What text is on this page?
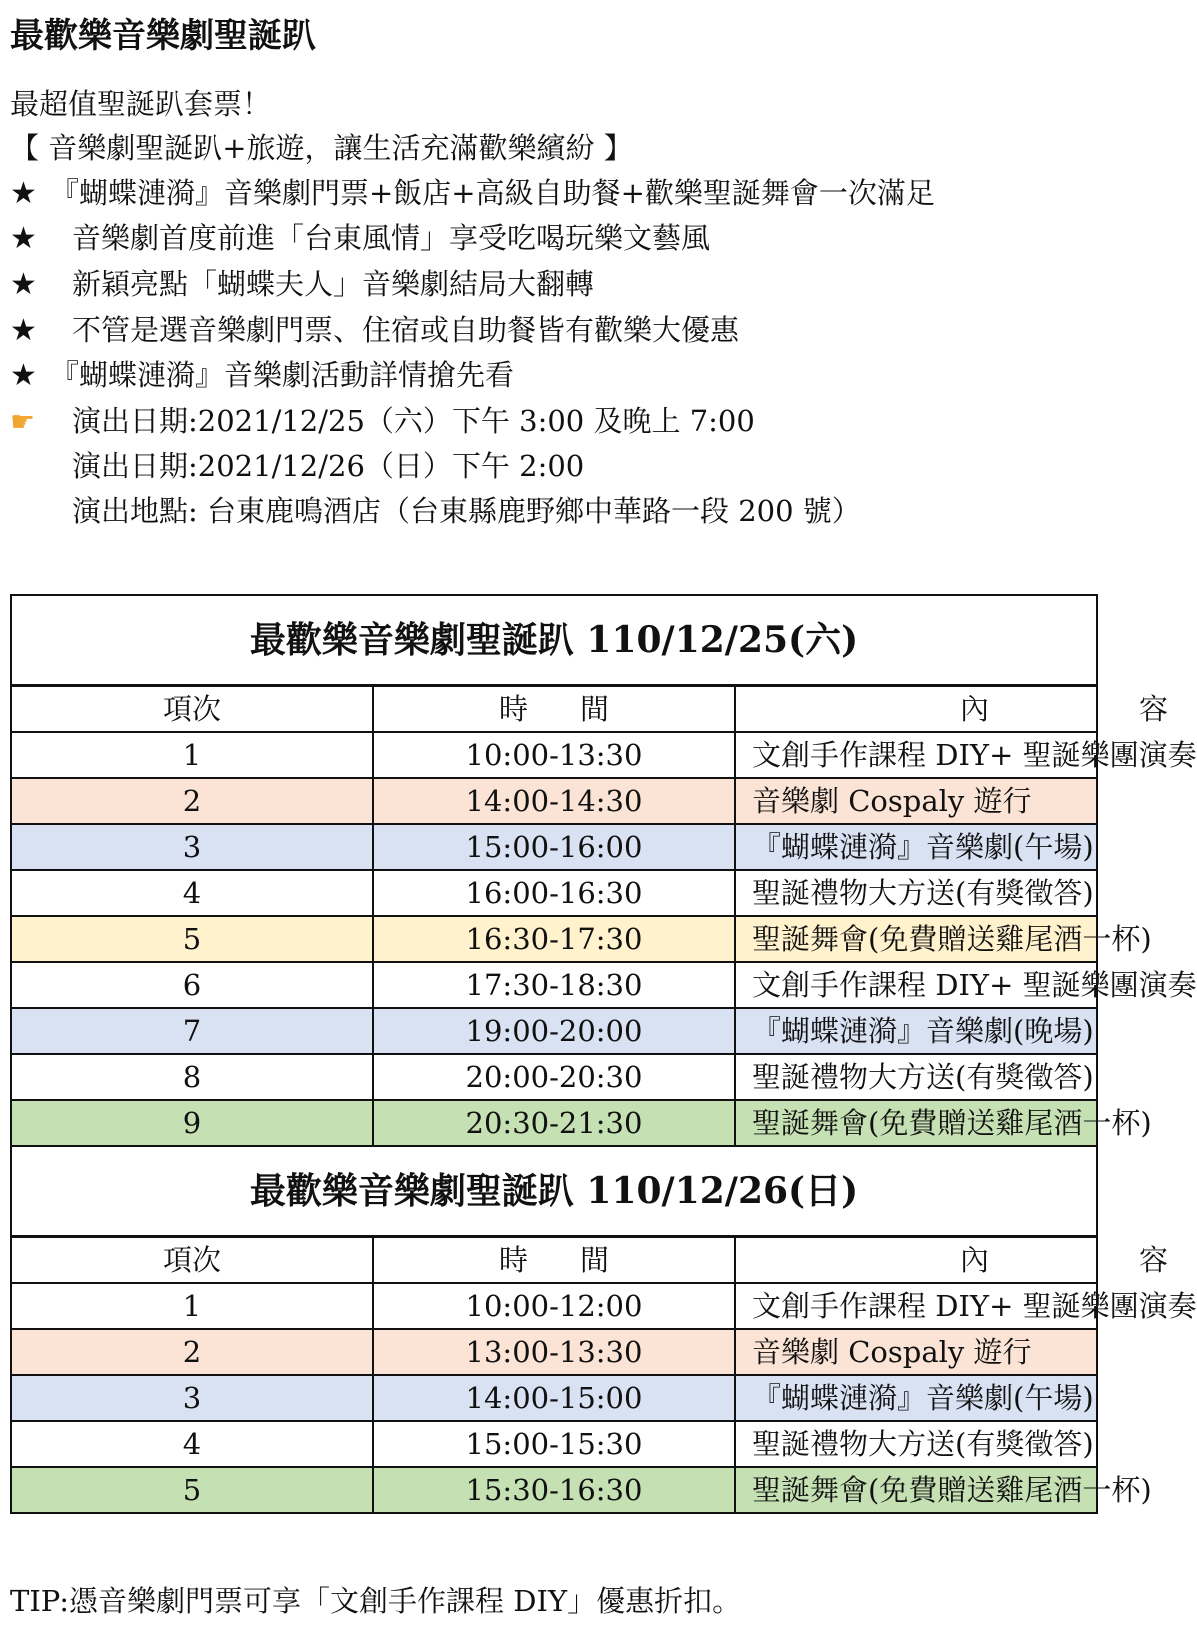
最歡樂音樂劇聖誕趴
最超值聖誕趴套票！
【 音樂劇聖誕趴+旅遊，讓生活充滿歡樂繽紛 】
★ 『蝴蝶漣漪』音樂劇門票+飯店+高級自助餐+歡樂聖誕舞會一次滿足
★ 音樂劇首度前進「台東風情」享受吃喝玩樂文藝風
★ 新穎亮點「蝴蝶夫人」音樂劇結局大翻轉
★ 不管是選音樂劇門票、住宿或自助餐皆有歡樂大優惠
★ 『蝴蝶漣漪』音樂劇活動詳情搶先看
☛ 演出日期:2021/12/25（六）下午 3:00 及晚上 7:00
演出日期:2021/12/26（日）下午 2:00
演出地點: 台東鹿鳴酒店（台東縣鹿野鄉中華路一段 200 號）
最歡樂音樂劇聖誕趴 110/12/25(六)		
項次	時 間	內 容
1	10:00-13:30	文創手作課程 DIY+ 聖誕樂團演奏
2	14:00-14:30	音樂劇 Cospaly 遊行
3	15:00-16:00	『蝴蝶漣漪』音樂劇(午場)
4	16:00-16:30	聖誕禮物大方送(有獎徵答)
5	16:30-17:30	聖誕舞會(免費贈送雞尾酒一杯)
6	17:30-18:30	文創手作課程 DIY+ 聖誕樂團演奏
7	19:00-20:00	『蝴蝶漣漪』音樂劇(晚場)
8	20:00-20:30	聖誕禮物大方送(有獎徵答)
9	20:30-21:30	聖誕舞會(免費贈送雞尾酒一杯)
最歡樂音樂劇聖誕趴 110/12/26(日)		
項次	時 間	內 容
1	10:00-12:00	文創手作課程 DIY+ 聖誕樂團演奏
2	13:00-13:30	音樂劇 Cospaly 遊行
3	14:00-15:00	『蝴蝶漣漪』音樂劇(午場)
4	15:00-15:30	聖誕禮物大方送(有獎徵答)
5	15:30-16:30	聖誕舞會(免費贈送雞尾酒一杯)
TIP:憑音樂劇門票可享「文創手作課程 DIY」優惠折扣。
